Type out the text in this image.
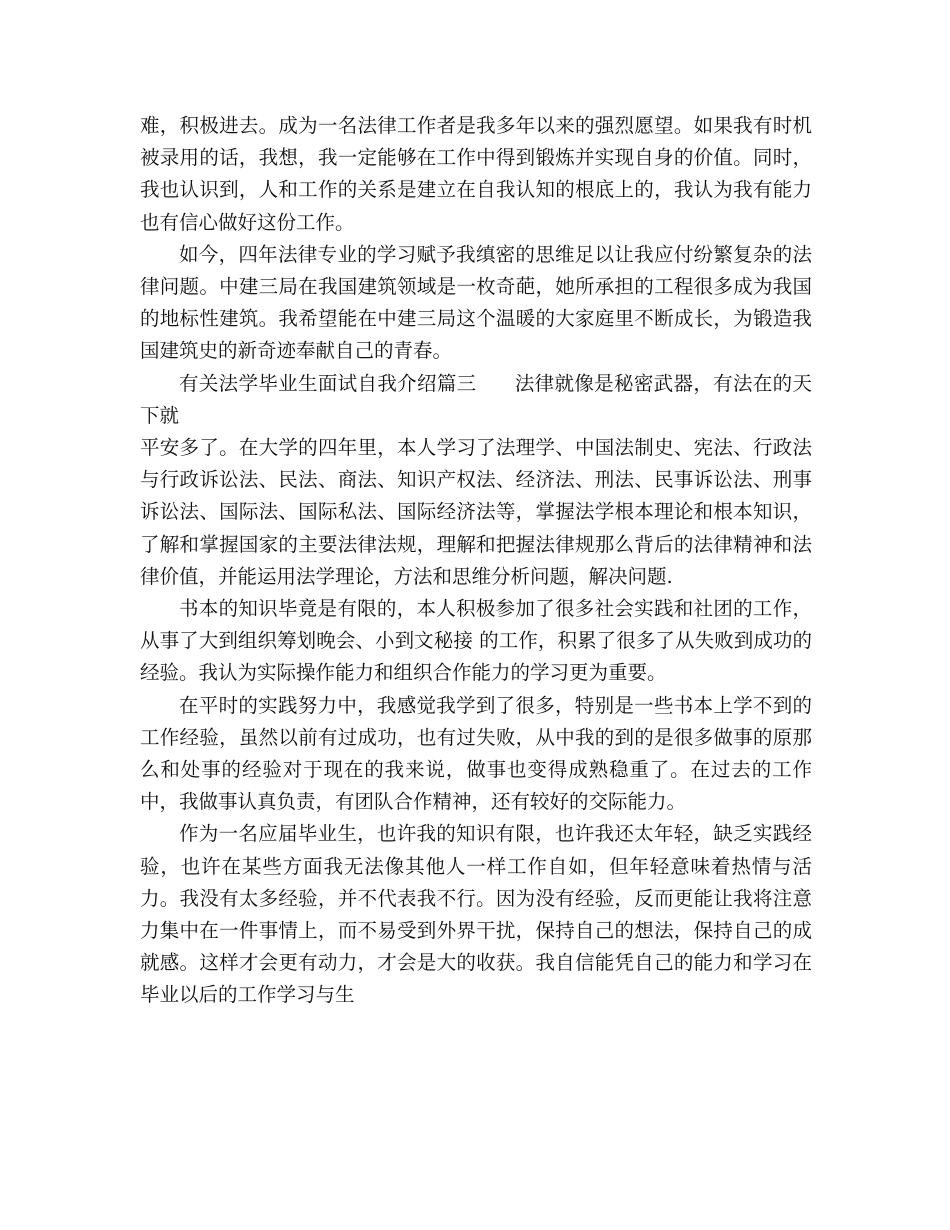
难，积极进去。成为一名法律工作者是我多年以来的强烈愿望。如果我有时机被录用的话，我想，我一定能够在工作中得到锻炼并实现自身的价值。同时，我也认识到，人和工作的关系是建立在自我认知的根底上的，我认为我有能力也有信心做好这份工作。

如今，四年法律专业的学习赋予我缜密的思维足以让我应付纷繁复杂的法律问题。中建三局在我国建筑领域是一枚奇葩，她所承担的工程很多成为我国的地标性建筑。我希望能在中建三局这个温暖的大家庭里不断成长，为锻造我国建筑史的新奇迹奉献自己的青春。

有关法学毕业生面试自我介绍篇三 法律就像是秘密武器，有法在的天下就

平安多了。在大学的四年里，本人学习了法理学、中国法制史、宪法、行政法与行政诉讼法、民法、商法、知识产权法、经济法、刑法、民事诉讼法、刑事诉讼法、国际法、国际私法、国际经济法等，掌握法学根本理论和根本知识，了解和掌握国家的主要法律法规，理解和把握法律规那么背后的法律精神和法律价值，并能运用法学理论，方法和思维分析问题，解决问题.

书本的知识毕竟是有限的，本人积极参加了很多社会实践和社团的工作，从事了大到组织筹划晚会、小到文秘接 的工作，积累了很多了从失败到成功的经验。我认为实际操作能力和组织合作能力的学习更为重要。

在平时的实践努力中，我感觉我学到了很多，特别是一些书本上学不到的工作经验，虽然以前有过成功，也有过失败，从中我的到的是很多做事的原那么和处事的经验对于现在的我来说，做事也变得成熟稳重了。在过去的工作中，我做事认真负责，有团队合作精神，还有较好的交际能力。

作为一名应届毕业生，也许我的知识有限，也许我还太年轻，缺乏实践经验，也许在某些方面我无法像其他人一样工作自如，但年轻意味着热情与活力。我没有太多经验，并不代表我不行。因为没有经验，反而更能让我将注意力集中在一件事情上，而不易受到外界干扰，保持自己的想法，保持自己的成就感。这样才会更有动力，才会是大的收获。我自信能凭自己的能力和学习在毕业以后的工作学习与生
